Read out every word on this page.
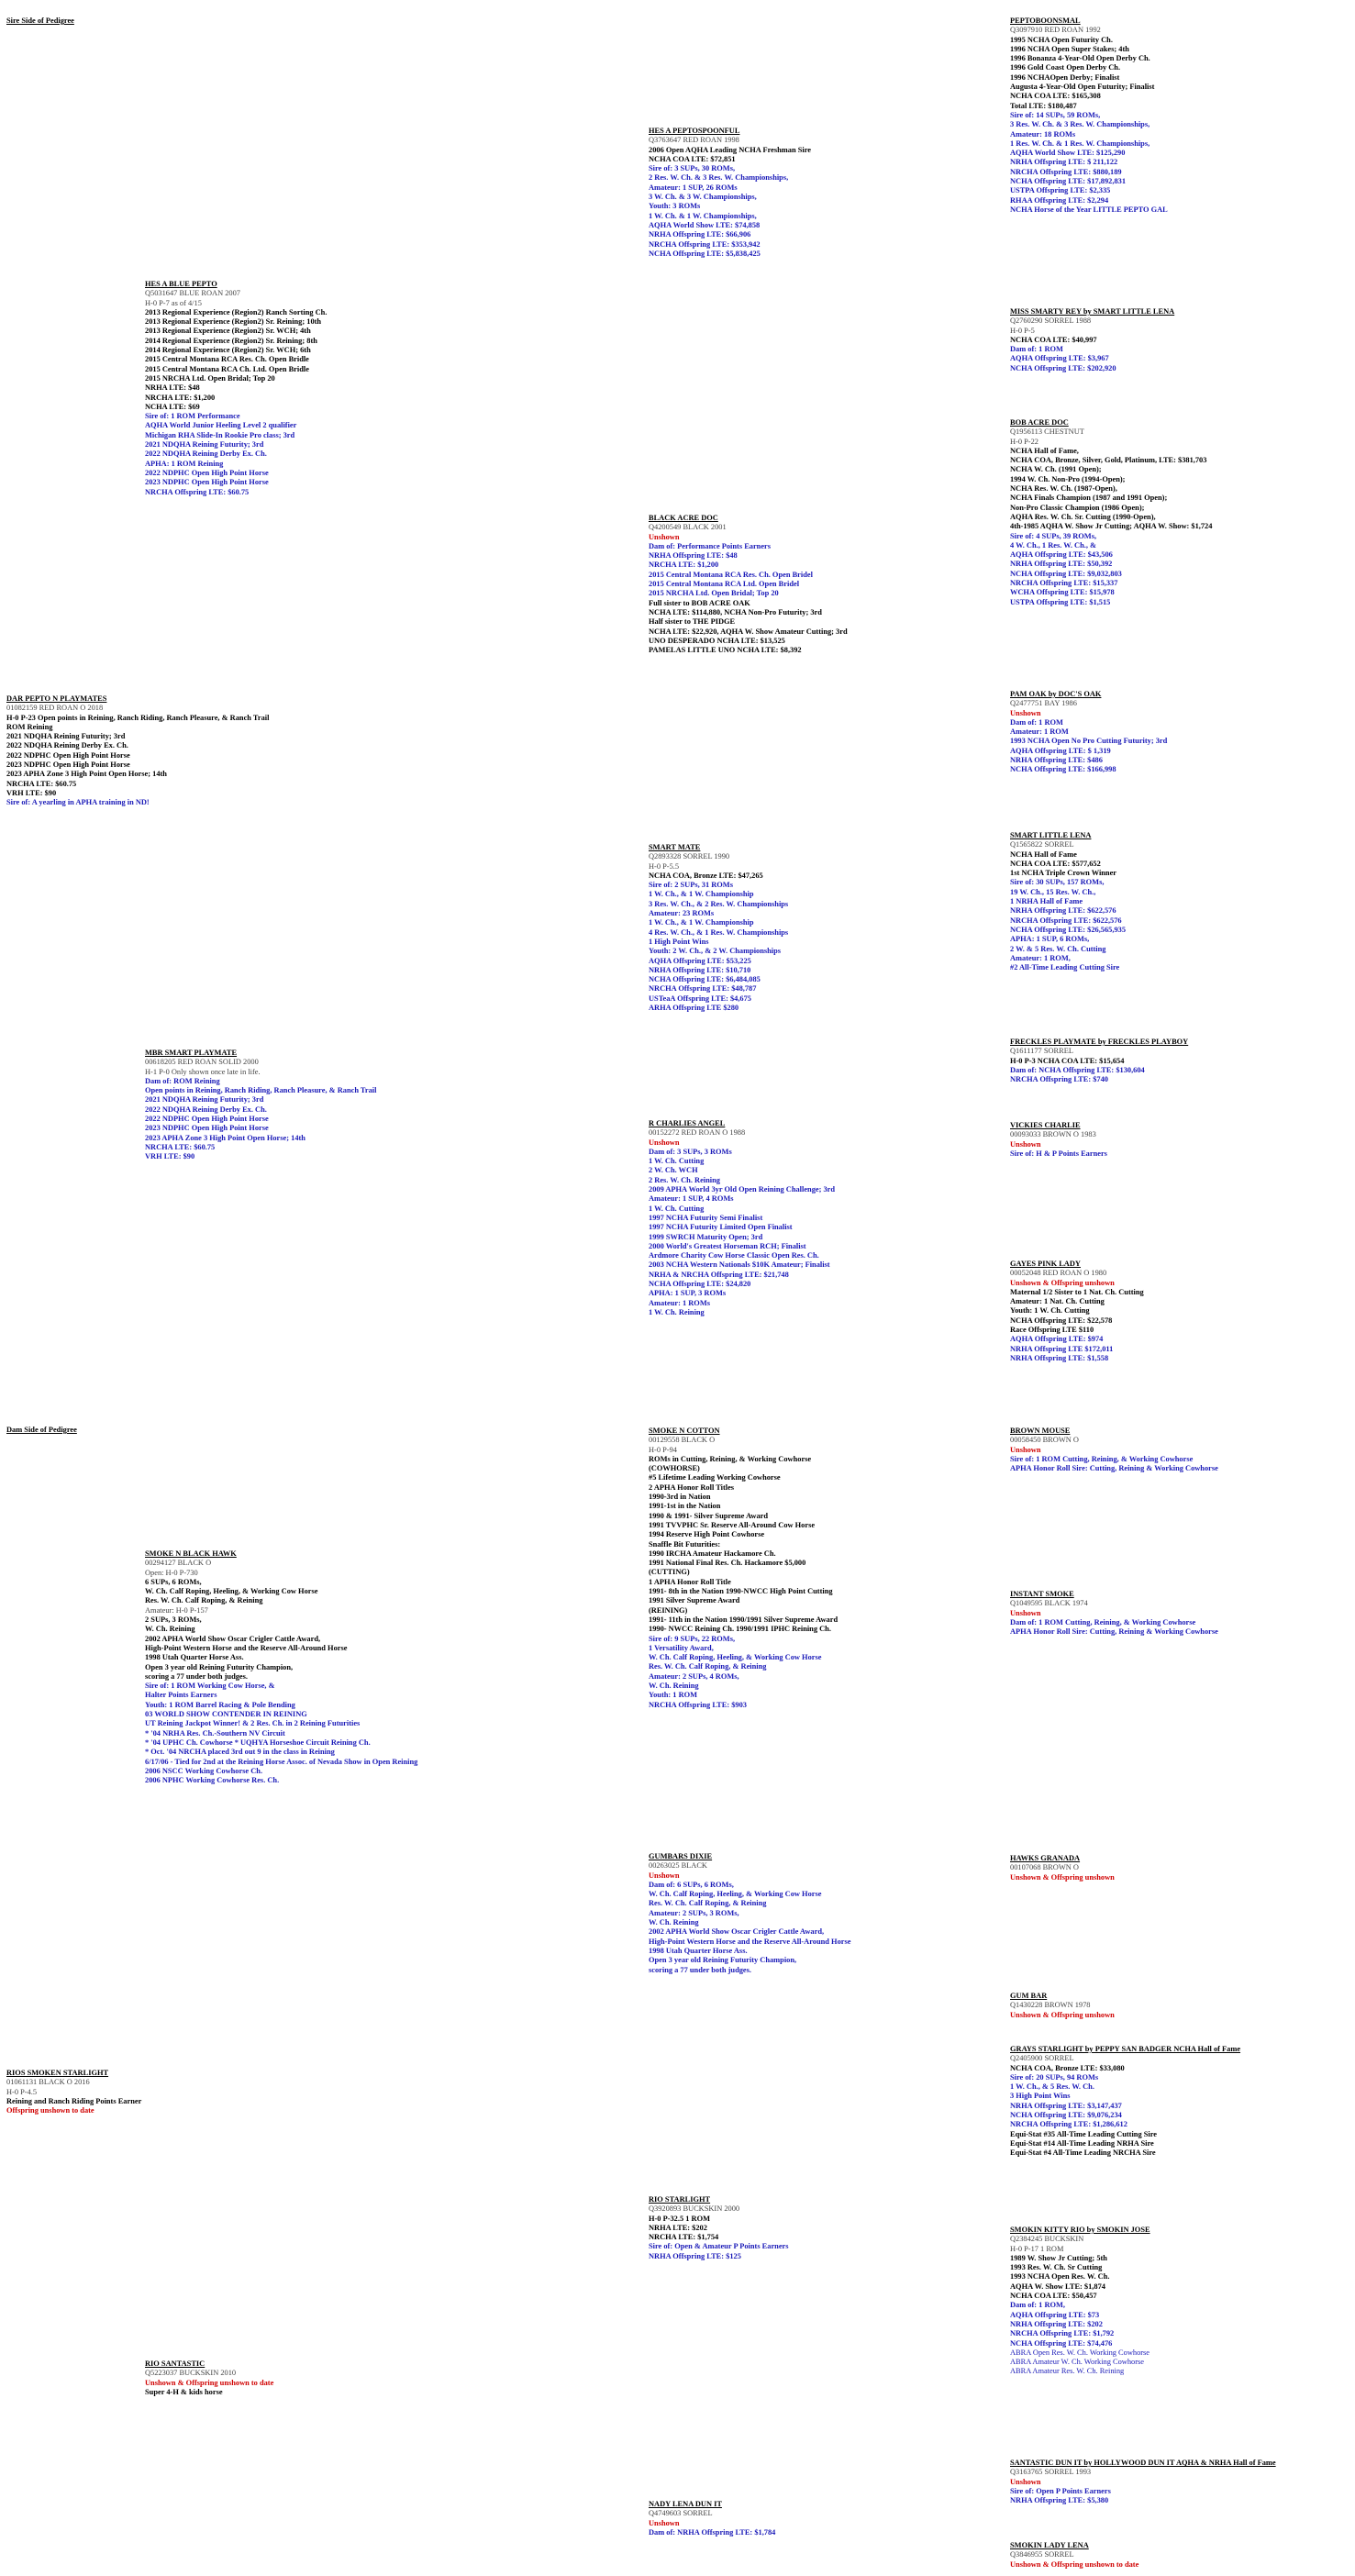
Sire Side of Pedigree
Dam Side of Pedigree
PEPTOBOONSMAL
Q3097910 RED ROAN 1992
1995 NCHA Open Futurity Ch.
1996 NCHA Open Super Stakes; 4th
1996 Bonanza 4-Year-Old Open Derby Ch.
1996 Gold Coast Open Derby Ch.
1996 NCHAOpen Derby; Finalist
Augusta 4-Year-Old Open Futurity; Finalist
NCHA COA LTE: $165,308
Total LTE: $180,487
Sire of: 14 SUPs, 59 ROMs,
3 Res. W. Ch. & 3 Res. W. Championships,
Amateur: 18 ROMs
1 Res. W. Ch. & 1 Res. W. Championships,
AQHA World Show LTE: $125,290
NRHA Offspring LTE: $ 211,122
NRCHA Offspring LTE: $880,189
NCHA Offspring LTE: $17,892,831
USTPA Offspring LTE: $2,335
RHAA Offspring LTE: $2,294
NCHA Horse of the Year LITTLE PEPTO GAL
MISS SMARTY REY by SMART LITTLE LENA
Q2760290 SORREL 1988
H-0 P-5
NCHA COA LTE: $40,997
Dam of: 1 ROM
AQHA Offspring LTE: $3,967
NCHA Offspring LTE: $202,920
BOB ACRE DOC
Q1956113 CHESTNUT
H-0 P-22
NCHA Hall of Fame,
NCHA COA, Bronze, Silver, Gold, Platinum, LTE: $381,703
NCHA W. Ch. (1991 Open);
1994 W. Ch. Non-Pro (1994-Open);
NCHA Res. W. Ch. (1987-Open),
NCHA Finals Champion (1987 and 1991 Open);
Non-Pro Classic Champion (1986 Open);
AQHA Res. W. Ch. Sr. Cutting (1990-Open),
4th-1985 AQHA W. Show Jr Cutting; AQHA W. Show: $1,724
Sire of: 4 SUPs, 39 ROMs,
4 W. Ch., 1 Res. W. Ch., &
AQHA Offspring LTE: $43,506
NRHA Offspring LTE: $50,392
NCHA Offspring LTE: $9,032,803
NRCHA Offspring LTE: $15,337
WCHA Offspring LTE: $15,978
USTPA Offspring LTE: $1,515
PAM OAK by DOC'S OAK
Q2477751 BAY 1986
Unshown
Dam of: 1 ROM
Amateur: 1 ROM
1993 NCHA Open No Pro Cutting Futurity; 3rd
AQHA Offspring LTE: $ 1,319
NRHA Offspring LTE: $486
NCHA Offspring LTE: $166,998
SMART LITTLE LENA
Q1565822 SORREL
NCHA Hall of Fame
NCHA COA LTE: $577,652
1st NCHA Triple Crown Winner
Sire of: 30 SUPs, 157 ROMs,
19 W. Ch., 15 Res. W. Ch.,
1 NRHA Hall of Fame
NRHA Offspring LTE: $622,576
NRCHA Offspring LTE: $622,576
NCHA Offspring LTE: $26,565,935
APHA: 1 SUP, 6 ROMs,
2 W. & 5 Res. W. Ch. Cutting
Amateur: 1 ROM,
#2 All-Time Leading Cutting Sire
FRECKLES PLAYMATE by FRECKLES PLAYBOY
Q1611177 SORREL
H-0 P-3 NCHA COA LTE: $15,654
Dam of: NCHA Offspring LTE: $130,604
NRCHA Offspring LTE: $740
VICKIES CHARLIE
00093033 BROWN O 1983
Unshown
Sire of: H & P Points Earners
GAYES PINK LADY
00052048 RED ROAN O 1980
Unshown & Offspring unshown
Maternal 1/2 Sister to 1 Nat. Ch. Cutting
Amateur: 1 Nat. Ch. Cutting
Youth: 1 W. Ch. Cutting
NCHA Offspring LTE: $22,578
Race Offspring LTE $110
AQHA Offspring LTE: $974
NRHA Offspring LTE $172,011
NRHA Offspring LTE: $1,558
BROWN MOUSE
00058450 BROWN O
Unshown
Sire of: 1 ROM Cutting, Reining, & Working Cowhorse
APHA Honor Roll Sire: Cutting, Reining & Working Cowhorse
INSTANT SMOKE
Q1049595 BLACK 1974
Unshown
Dam of: 1 ROM Cutting, Reining, & Working Cowhorse
APHA Honor Roll Sire: Cutting, Reining & Working Cowhorse
HAWKS GRANADA
00107068 BROWN O
Unshown & Offspring unshown
GUM BAR
Q1430228 BROWN 1978
Unshown & Offspring unshown
GRAYS STARLIGHT by PEPPY SAN BADGER NCHA Hall of Fame
Q2405900 SORREL
NCHA COA, Bronze LTE: $33,080
Sire of: 20 SUPs, 94 ROMs
1 W. Ch., & 5 Res. W. Ch.
3 High Point Wins
NRHA Offspring LTE: $3,147,437
NCHA Offspring LTE: $9,076,234
NRCHA Offspring LTE: $1,286,612
Equi-Stat #35 All-Time Leading Cutting Sire
Equi-Stat #14 All-Time Leading NRHA Sire
Equi-Stat #4 All-Time Leading NRCHA Sire
SMOKIN KITTY RIO by SMOKIN JOSE
Q2384245 BUCKSKIN
H-0 P-17 1 ROM
1989 W. Show Jr Cutting; 5th
1993 Res. W. Ch. Sr Cutting
1993 NCHA Open Res. W. Ch.
AQHA W. Show LTE: $1,874
NCHA COA LTE: $50,457
Dam of: 1 ROM,
AQHA Offspring LTE: $73
NRHA Offspring LTE: $202
NRCHA Offspring LTE: $1,792
NCHA Offspring LTE: $74,476
ABRA Open Res. W. Ch. Working Cowhorse
ABRA Amateur W. Ch. Working Cowhorse
ABRA Amateur Res. W. Ch. Reining
SANTASTIC DUN IT by HOLLYWOOD DUN IT AQHA & NRHA Hall of Fame
Q3163765 SORREL 1993
Unshown
Sire of: Open P Points Earners
NRHA Offspring LTE: $5,380
SMOKIN LADY LENA
Q3846955 SORREL
Unshown & Offspring unshown to date
HES A PEPTOSPOONFUL
Q3763647 RED ROAN 1998
2006 Open AQHA Leading NCHA Freshman Sire
NCHA COA LTE: $72,851
Sire of: 3 SUPs, 30 ROMs,
2 Res. W. Ch. & 3 Res. W. Championships,
Amateur: 1 SUP, 26 ROMs
3 W. Ch. & 3 W. Championships,
Youth: 3 ROMs
1 W. Ch. & 1 W. Championships,
AQHA World Show LTE: $74,858
NRHA Offspring LTE: $66,906
NRCHA Offspring LTE: $353,942
NCHA Offspring LTE: $5,838,425
BLACK ACRE DOC
Q4200549 BLACK 2001
Unshown
Dam of: Performance Points Earners
NRHA Offspring LTE: $48
NRCHA LTE: $1,200
2015 Central Montana RCA Res. Ch. Open Bridel
2015 Central Montana RCA Ltd. Open Bridel
2015 NRCHA Ltd. Open Bridal; Top 20
Full sister to BOB ACRE OAK
NCHA LTE: $114,880, NCHA Non-Pro Futurity; 3rd
Half sister to THE PIDGE
NCHA LTE: $22,920, AQHA W. Show Amateur Cutting; 3rd
UNO DESPERADO NCHA LTE: $13,525
PAMELAS LITTLE UNO NCHA LTE: $8,392
SMART MATE
Q2893328 SORREL 1990
H-0 P-5.5
NCHA COA, Bronze LTE: $47,265
Sire of: 2 SUPs, 31 ROMs
1 W. Ch., & 1 W. Championship
3 Res. W. Ch., & 2 Res. W. Championships
Amateur: 23 ROMs
1 W. Ch., & 1 W. Championship
4 Res. W. Ch., & 1 Res. W. Championships
1 High Point Wins
Youth: 2 W. Ch., & 2 W. Championships
AQHA Offspring LTE: $53,225
NRHA Offspring LTE: $10,710
NCHA Offspring LTE: $6,484,085
NRCHA Offspring LTE: $48,787
USTeaA Offspring LTE: $4,675
ARHA Offspring LTE $280
R CHARLIES ANGEL
00152272 RED ROAN O 1988
Unshown
Dam of: 3 SUPs, 3 ROMs
1 W. Ch. Cutting
2 W. Ch. WCH
2 Res. W. Ch. Reining
2009 APHA World 3yr Old Open Reining Challenge; 3rd
Amateur: 1 SUP, 4 ROMs
1 W. Ch. Cutting
1997 NCHA Futurity Semi Finalist
1997 NCHA Futurity Limited Open Finalist
1999 SWRCH Maturity Open; 3rd
2000 World's Greatest Horseman RCH; Finalist
Ardmore Charity Cow Horse Classic Open Res. Ch.
2003 NCHA Western Nationals $10K Amateur; Finalist
NRHA & NRCHA Offspring LTE: $21,748
NCHA Offspring LTE: $24,820
APHA: 1 SUP, 3 ROMs
Amateur: 1 ROMs
1 W. Ch. Reining
SMOKE N COTTON
00129558 BLACK O
H-0 P-94
ROMs in Cutting, Reining, & Working Cowhorse
(COWHORSE)
#5 Lifetime Leading Working Cowhorse
2 APHA Honor Roll Titles
1990-3rd in Nation
1991-1st in the Nation
1990 & 1991- Silver Supreme Award
1991 TVVPHC Sr. Reserve All-Around Cow Horse
1994 Reserve High Point Cowhorse
Snaffle Bit Futurities:
1990 IRCHA Amateur Hackamore Ch.
1991 National Final Res. Ch. Hackamore $5,000
(CUTTING)
1 APHA Honor Roll Title
1991- 8th in the Nation 1990-NWCC High Point Cutting
1991 Silver Supreme Award
(REINING)
1991- 11th in the Nation 1990/1991 Silver Supreme Award
1990- NWCC Reining Ch. 1990/1991 IPHC Reining Ch.
Sire of: 9 SUPs, 22 ROMs,
1 Versatility Award,
W. Ch. Calf Roping, Heeling, & Working Cow Horse
Res. W. Ch. Calf Roping, & Reining
Amateur: 2 SUPs, 4 ROMs,
W. Ch. Reining
Youth: 1 ROM
NRCHA Offspring LTE: $903
GUMBARS DIXIE
00263025 BLACK
Unshown
Dam of: 6 SUPs, 6 ROMs,
W. Ch. Calf Roping, Heeling, & Working Cow Horse
Res. W. Ch. Calf Roping, & Reining
Amateur: 2 SUPs, 3 ROMs,
W. Ch. Reining
2002 APHA World Show Oscar Crigler Cattle Award,
High-Point Western Horse and the Reserve All-Around Horse
1998 Utah Quarter Horse Ass.
Open 3 year old Reining Futurity Champion,
scoring a 77 under both judges.
RIO STARLIGHT
Q3920893 BUCKSKIN 2000
H-0 P-32.5 1 ROM
NRHA LTE: $202
NRCHA LTE: $1,754
Sire of: Open & Amateur P Points Earners
NRHA Offspring LTE: $125
NADY LENA DUN IT
Q4749603 SORREL
Unshown
Dam of: NRHA Offspring LTE: $1,784
HES A BLUE PEPTO
Q5031647 BLUE ROAN 2007
H-0 P-7 as of 4/15
2013 Regional Experience (Region2) Ranch Sorting Ch.
2013 Regional Experience (Region2) Sr. Reining; 10th
2013 Regional Experience (Region2) Sr. WCH; 4th
2014 Regional Experience (Region2) Sr. Reining; 8th
2014 Regional Experience (Region2) Sr. WCH; 6th
2015 Central Montana RCA Res. Ch. Open Bridle
2015 Central Montana RCA Ch. Ltd. Open Bridle
2015 NRCHA Ltd. Open Bridal; Top 20
NRHA LTE: $48
NRCHA LTE: $1,200
NCHA LTE: $69
Sire of: 1 ROM Performance
AQHA World Junior Heeling Level 2 qualifier
Michigan RHA Slide-In Rookie Pro class; 3rd
2021 NDQHA Reining Futurity; 3rd
2022 NDQHA Reining Derby Ex. Ch.
APHA: 1 ROM Reining
2022 NDPHC Open High Point Horse
2023 NDPHC Open High Point Horse
NRCHA Offspring LTE: $60.75
MBR SMART PLAYMATE
00618205 RED ROAN SOLID 2000
H-1 P-0 Only shown once late in life.
Dam of: ROM Reining
Open points in Reining, Ranch Riding, Ranch Pleasure, & Ranch Trail
2021 NDQHA Reining Futurity; 3rd
2022 NDQHA Reining Derby Ex. Ch.
2022 NDPHC Open High Point Horse
2023 NDPHC Open High Point Horse
2023 APHA Zone 3 High Point Open Horse; 14th
NRCHA LTE: $60.75
VRH LTE: $90
SMOKE N BLACK HAWK
00294127 BLACK O
Open: H-0 P-730
6 SUPs, 6 ROMs,
W. Ch. Calf Roping, Heeling, & Working Cow Horse
Res. W. Ch. Calf Roping, & Reining
Amateur: H-0 P-157
2 SUPs, 3 ROMs,
W. Ch. Reining
2002 APHA World Show Oscar Crigler Cattle Award,
High-Point Western Horse and the Reserve All-Around Horse
1998 Utah Quarter Horse Ass.
Open 3 year old Reining Futurity Champion,
scoring a 77 under both judges.
Sire of: 1 ROM Working Cow Horse, &
Halter Points Earners
Youth: 1 ROM Barrel Racing & Pole Bending
03 WORLD SHOW CONTENDER IN REINING
UT Reining Jackpot Winner! & 2 Res. Ch. in 2 Reining Futurities
* '04 NRHA Res. Ch.-Southern NV Circuit
* '04 UPHC Ch. Cowhorse * UQHYA Horseshoe Circuit Reining Ch.
* Oct. '04 NRCHA placed 3rd out 9 in the class in Reining
6/17/06 - Tied for 2nd at the Reining Horse Assoc. of Nevada Show in Open Reining
2006 NSCC Working Cowhorse Ch.
2006 NPHC Working Cowhorse Res. Ch.
DAR PEPTO N PLAYMATES
01082159 RED ROAN O 2018
H-0 P-23 Open points in Reining, Ranch Riding, Ranch Pleasure, & Ranch Trail
ROM Reining
2021 NDQHA Reining Futurity; 3rd
2022 NDQHA Reining Derby Ex. Ch.
2022 NDPHC Open High Point Horse
2023 NDPHC Open High Point Horse
2023 APHA Zone 3 High Point Open Horse; 14th
NRCHA LTE: $60.75
VRH LTE: $90
Sire of: A yearling in APHA training in ND!
RIOS SMOKEN STARLIGHT
01061131 BLACK O 2016
H-0 P-4.5
Reining and Ranch Riding Points Earner
Offspring unshown to date
RIO SANTASTIC
Q5223037 BUCKSKIN 2010
Unshown & Offspring unshown to date
Super 4-H & kids horse
